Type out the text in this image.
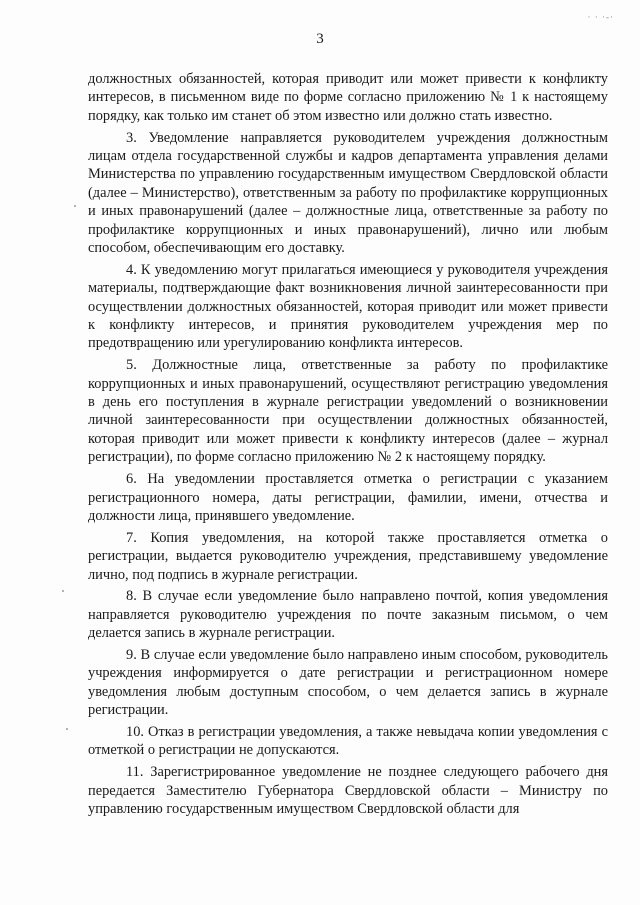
· · ·-·
3

должностных обязанностей, которая приводит или может привести к конфликту интересов, в письменном виде по форме согласно приложению № 1 к настоящему порядку, как только им станет об этом известно или должно стать известно.

3. Уведомление направляется руководителем учреждения должностным лицам отдела государственной службы и кадров департамента управления делами Министерства по управлению государственным имуществом Свердловской области (далее – Министерство), ответственным за работу по профилактике коррупционных и иных правонарушений (далее – должностные лица, ответственные за работу по профилактике коррупционных и иных правонарушений), лично или любым способом, обеспечивающим его доставку.

4. К уведомлению могут прилагаться имеющиеся у руководителя учреждения материалы, подтверждающие факт возникновения личной заинтересованности при осуществлении должностных обязанностей, которая приводит или может привести к конфликту интересов, и принятия руководителем учреждения мер по предотвращению или урегулированию конфликта интересов.

5. Должностные лица, ответственные за работу по профилактике коррупционных и иных правонарушений, осуществляют регистрацию уведомления в день его поступления в журнале регистрации уведомлений о возникновении личной заинтересованности при осуществлении должностных обязанностей, которая приводит или может привести к конфликту интересов (далее – журнал регистрации), по форме согласно приложению № 2 к настоящему порядку.

6. На уведомлении проставляется отметка о регистрации с указанием регистрационного номера, даты регистрации, фамилии, имени, отчества и должности лица, принявшего уведомление.

7. Копия уведомления, на которой также проставляется отметка о регистрации, выдается руководителю учреждения, представившему уведомление лично, под подпись в журнале регистрации.

8. В случае если уведомление было направлено почтой, копия уведомления направляется руководителю учреждения по почте заказным письмом, о чем делается запись в журнале регистрации.

9. В случае если уведомление было направлено иным способом, руководитель учреждения информируется о дате регистрации и регистрационном номере уведомления любым доступным способом, о чем делается запись в журнале регистрации.

10. Отказ в регистрации уведомления, а также невыдача копии уведомления с отметкой о регистрации не допускаются.

11. Зарегистрированное уведомление не позднее следующего рабочего дня передается Заместителю Губернатора Свердловской области – Министру по управлению государственным имуществом Свердловской области для
